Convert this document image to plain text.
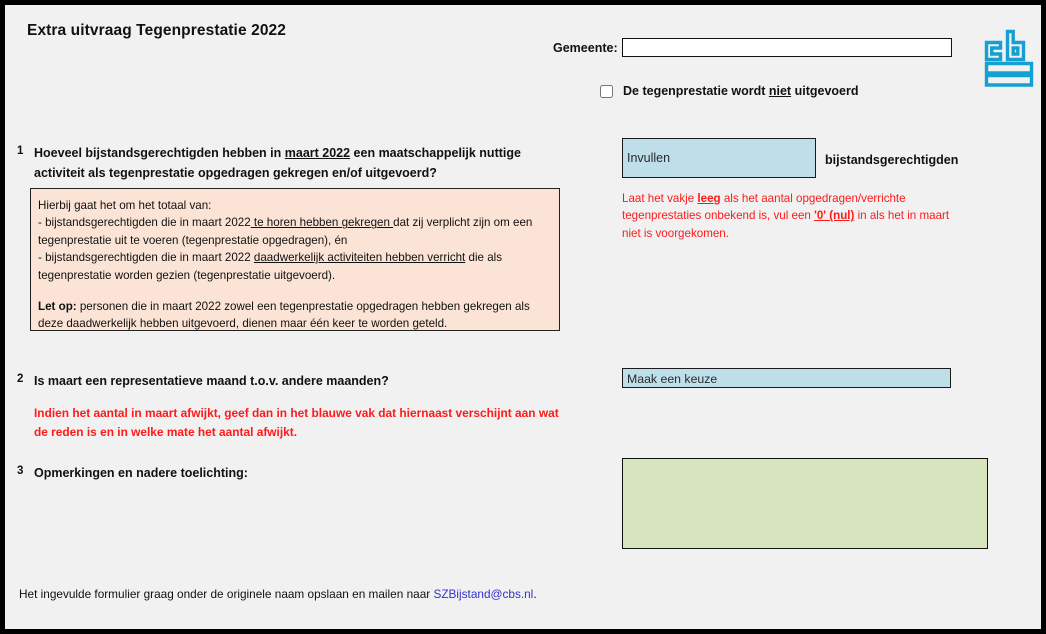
Extra uitvraag Tegenprestatie 2022
Gemeente:
De tegenprestatie wordt niet uitgevoerd
1 Hoeveel bijstandsgerechtigden hebben in maart 2022 een maatschappelijk nuttige activiteit als tegenprestatie opgedragen gekregen en/of uitgevoerd?
Hierbij gaat het om het totaal van:
- bijstandsgerechtigden die in maart 2022 te horen hebben gekregen dat zij verplicht zijn om een tegenprestatie uit te voeren (tegenprestatie opgedragen), én
- bijstandsgerechtigden die in maart 2022 daadwerkelijk activiteiten hebben verricht die als tegenprestatie worden gezien (tegenprestatie uitgevoerd).
Let op: personen die in maart 2022 zowel een tegenprestatie opgedragen hebben gekregen als deze daadwerkelijk hebben uitgevoerd, dienen maar één keer te worden geteld.
Invullen
bijstandsgerechtigden
Laat het vakje leeg als het aantal opgedragen/verrichte tegenprestaties onbekend is, vul een '0' (nul) in als het in maart niet is voorgekomen.
2 Is maart een representatieve maand t.o.v. andere maanden?
Indien het aantal in maart afwijkt, geef dan in het blauwe vak dat hiernaast verschijnt aan wat de reden is en in welke mate het aantal afwijkt.
Maak een keuze
3 Opmerkingen en nadere toelichting:
Het ingevulde formulier graag onder de originele naam opslaan en mailen naar SZBijstand@cbs.nl.
